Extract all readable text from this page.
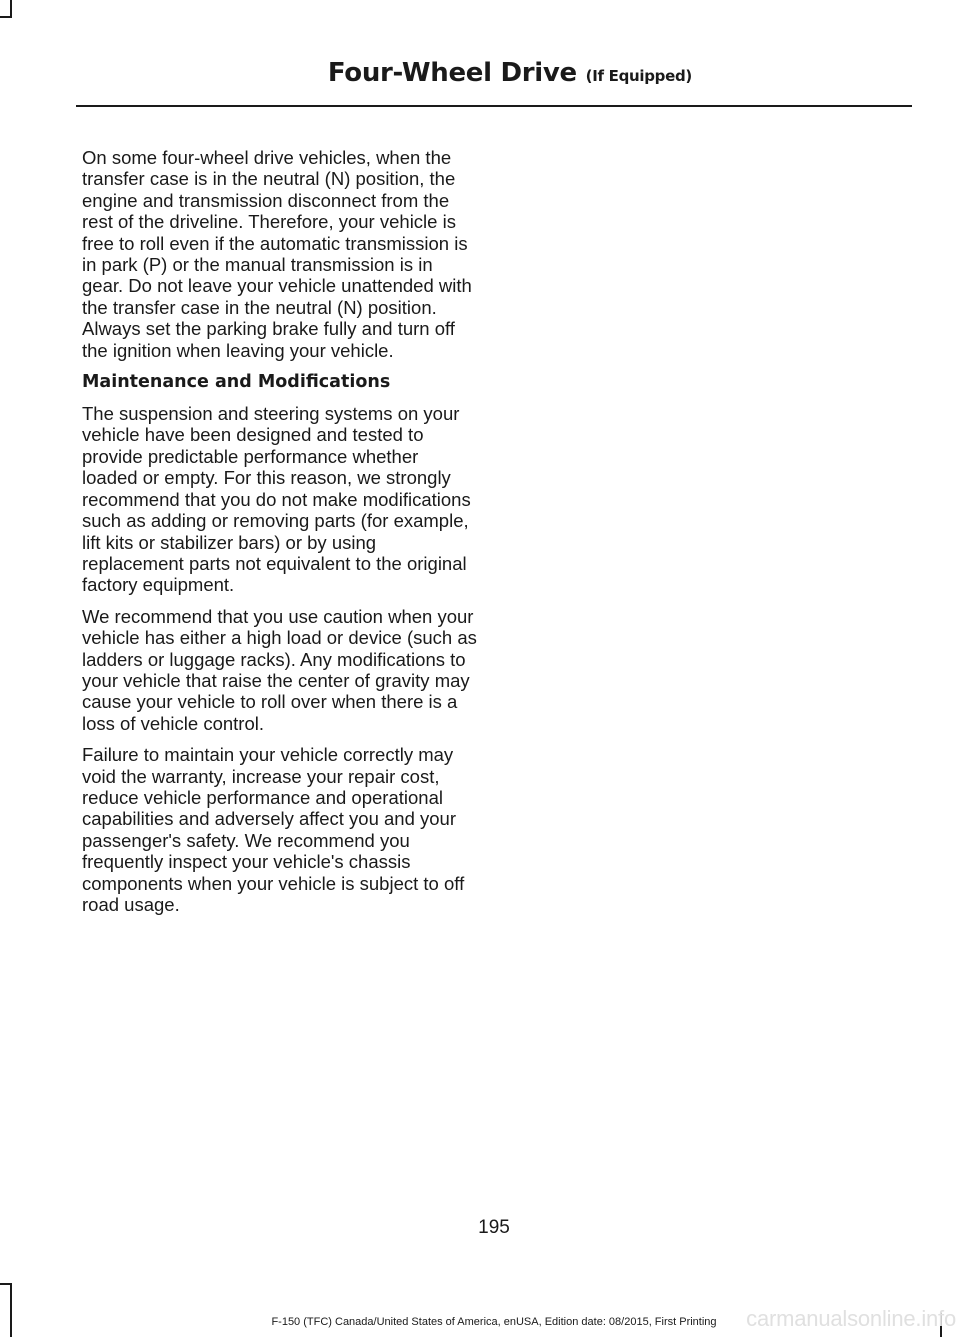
Four-Wheel Drive (If Equipped)

On some four-wheel drive vehicles, when the transfer case is in the neutral (N) position, the engine and transmission disconnect from the rest of the driveline. Therefore, your vehicle is free to roll even if the automatic transmission is in park (P) or the manual transmission is in gear. Do not leave your vehicle unattended with the transfer case in the neutral (N) position. Always set the parking brake fully and turn off the ignition when leaving your vehicle.

Maintenance and Modifications

The suspension and steering systems on your vehicle have been designed and tested to provide predictable performance whether loaded or empty. For this reason, we strongly recommend that you do not make modifications such as adding or removing parts (for example, lift kits or stabilizer bars) or by using replacement parts not equivalent to the original factory equipment.

We recommend that you use caution when your vehicle has either a high load or device (such as ladders or luggage racks). Any modifications to your vehicle that raise the center of gravity may cause your vehicle to roll over when there is a loss of vehicle control.

Failure to maintain your vehicle correctly may void the warranty, increase your repair cost, reduce vehicle performance and operational capabilities and adversely affect you and your passenger's safety. We recommend you frequently inspect your vehicle's chassis components when your vehicle is subject to off road usage.

195
F-150 (TFC) Canada/United States of America, enUSA, Edition date: 08/2015, First Printing	carmanualsonline.info
